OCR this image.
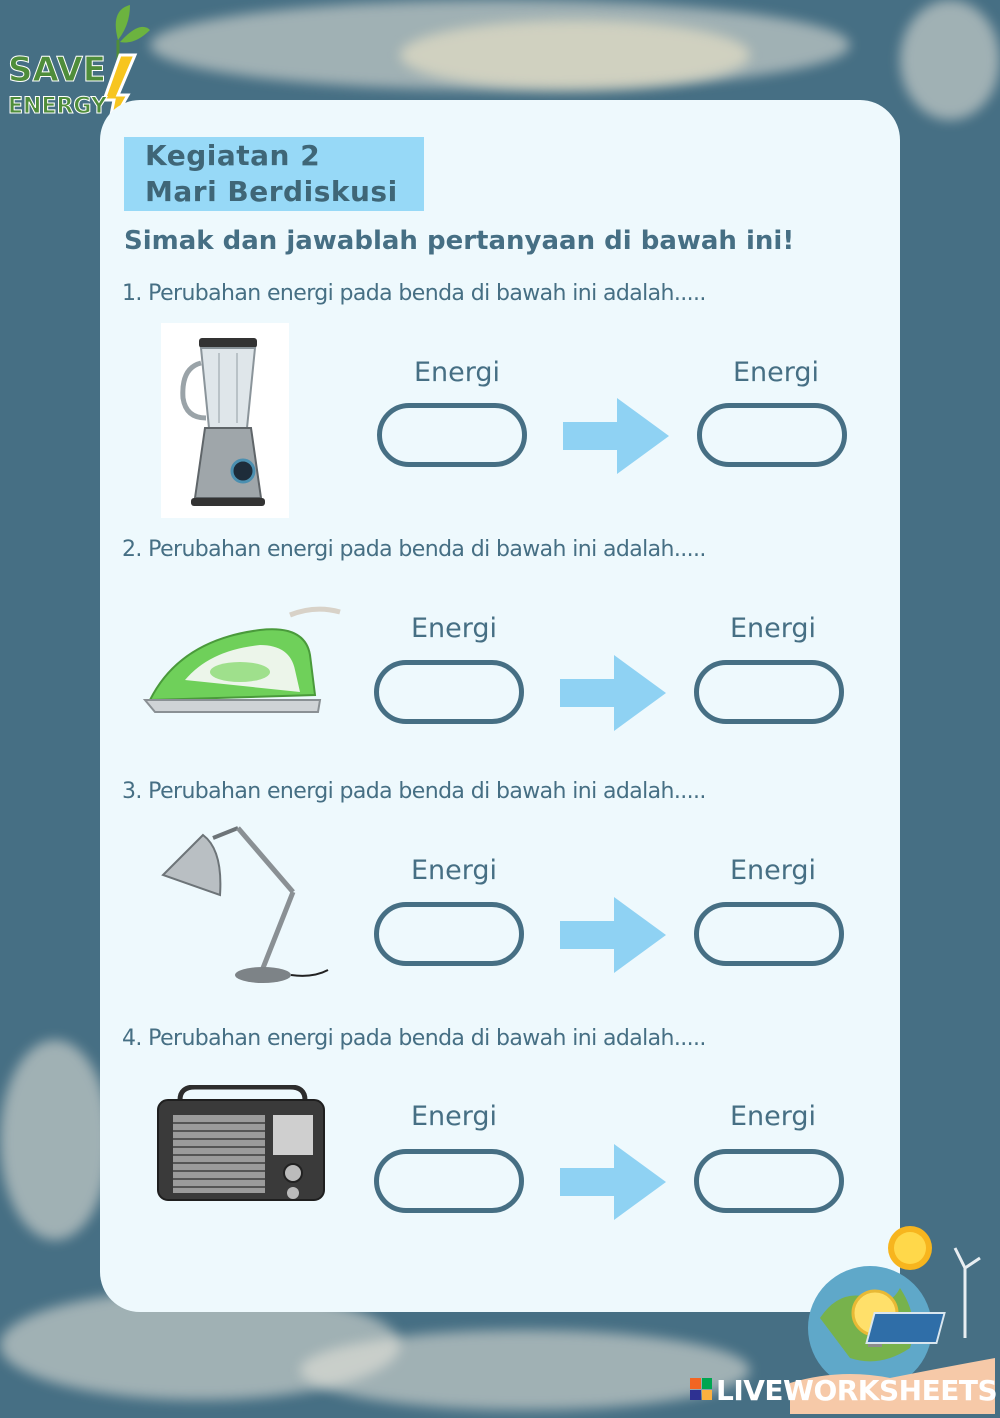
SAVE
ENERGY
Kegiatan 2
Mari Berdiskusi
Simak dan jawablah pertanyaan di bawah ini!
1. Perubahan energi pada benda di bawah ini adalah.....
Energi	Energi
2. Perubahan energi pada benda di bawah ini adalah.....
Energi	Energi
3. Perubahan energi pada benda di bawah ini adalah.....
Energi	Energi
4. Perubahan energi pada benda di bawah ini adalah.....
Energi	Energi
LIVEWORKSHEETS
